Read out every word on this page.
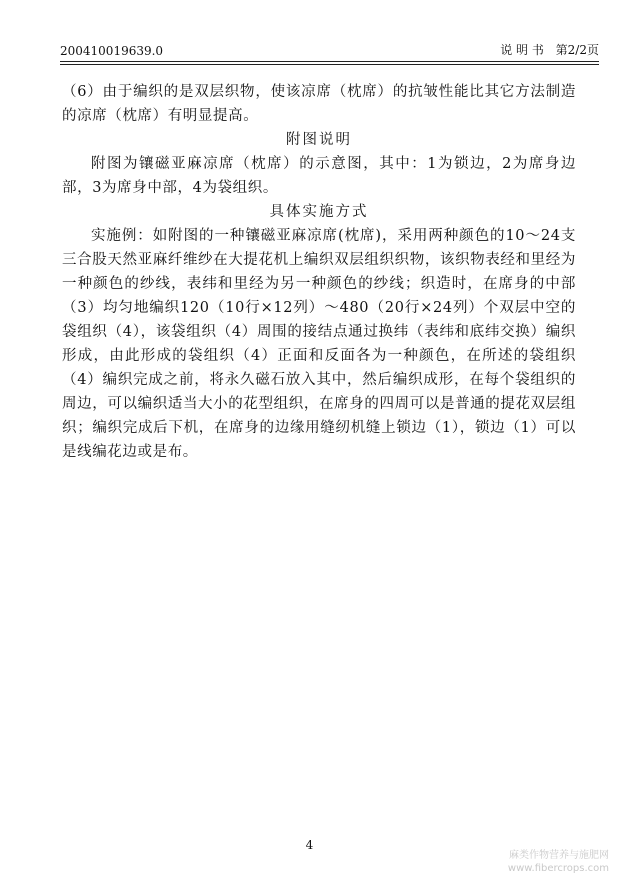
200410019639.0	说 明 书 第2/2页

（6）由于编织的是双层织物，使该凉席（枕席）的抗皱性能比其它方法制造的凉席（枕席）有明显提高。

附图说明

附图为镶磁亚麻凉席（枕席）的示意图，其中：1为锁边，2为席身边部，3为席身中部，4为袋组织。

具体实施方式

实施例：如附图的一种镶磁亚麻凉席(枕席)，采用两种颜色的10～24支三合股天然亚麻纤维纱在大提花机上编织双层组织织物，该织物表经和里经为一种颜色的纱线，表纬和里经为另一种颜色的纱线；织造时，在席身的中部（3）均匀地编织120（10行×12列）～480（20行×24列）个双层中空的袋组织（4），该袋组织（4）周围的接结点通过换纬（表纬和底纬交换）编织形成，由此形成的袋组织（4）正面和反面各为一种颜色，在所述的袋组织（4）编织完成之前，将永久磁石放入其中，然后编织成形，在每个袋组织的周边，可以编织适当大小的花型组织，在席身的四周可以是普通的提花双层组织；编织完成后下机，在席身的边缘用缝纫机缝上锁边（1），锁边（1）可以是线编花边或是布。

4
麻类作物营养与施肥网
www.fibercrops.com
